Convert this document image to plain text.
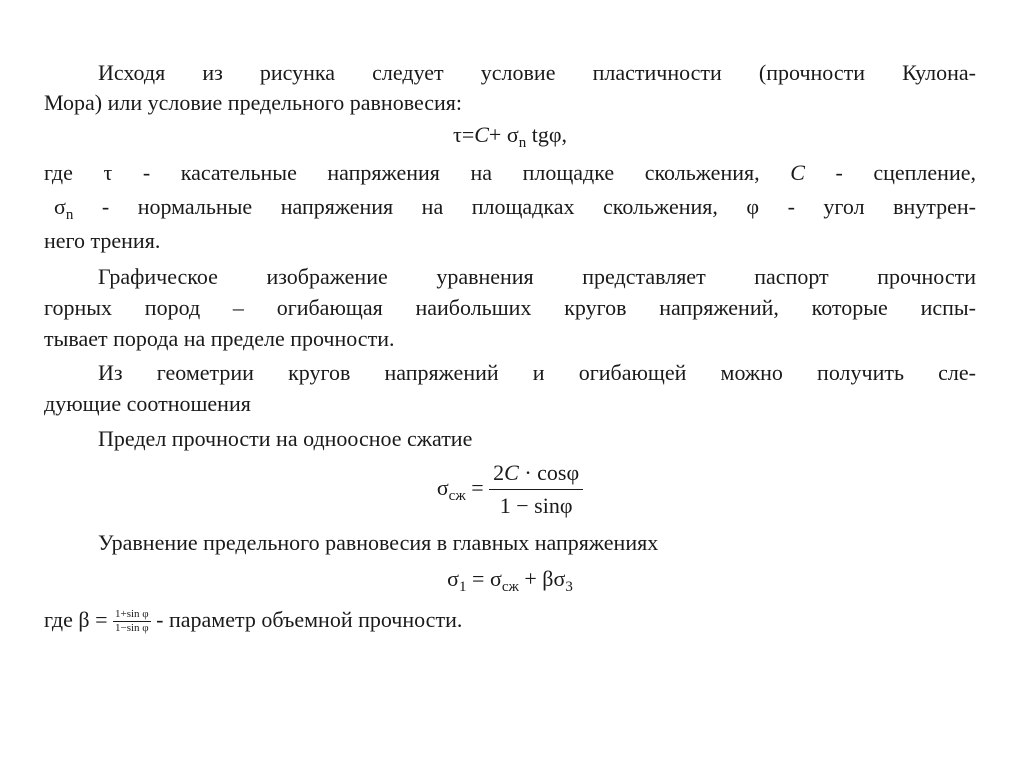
Исходя из рисунка следует условие пластичности (прочности Кулона-
Мора) или условие предельного равновесия:
$\tau=C+ \sigma_n$ tgφ,
где τ - касательные напряжения на площадке скольжения, C - сцепление,
$\sigma_n$ - нормальные напряжения на площадках скольжения, φ - угол внутрен-
него трения.
Графическое изображение уравнения представляет паспорт прочности
горных пород – огибающая наибольших кругов напряжений, которые испы-
тывает порода на пределе прочности.
Из геометрии кругов напряжений и огибающей можно получить сле-
дующие соотношения
Предел прочности на одноосное сжатие
$\sigma_{сж} = \frac{2C \cdot \cos\varphi}{1 - \sin\varphi}$
Уравнение предельного равновесия в главных напряжениях
$\sigma_1 = \sigma_{сж} + \beta\sigma_3$
где $\beta = \frac{\text{1+sin φ}}{\text{1−sin φ}}$ - параметр объемной прочности.
